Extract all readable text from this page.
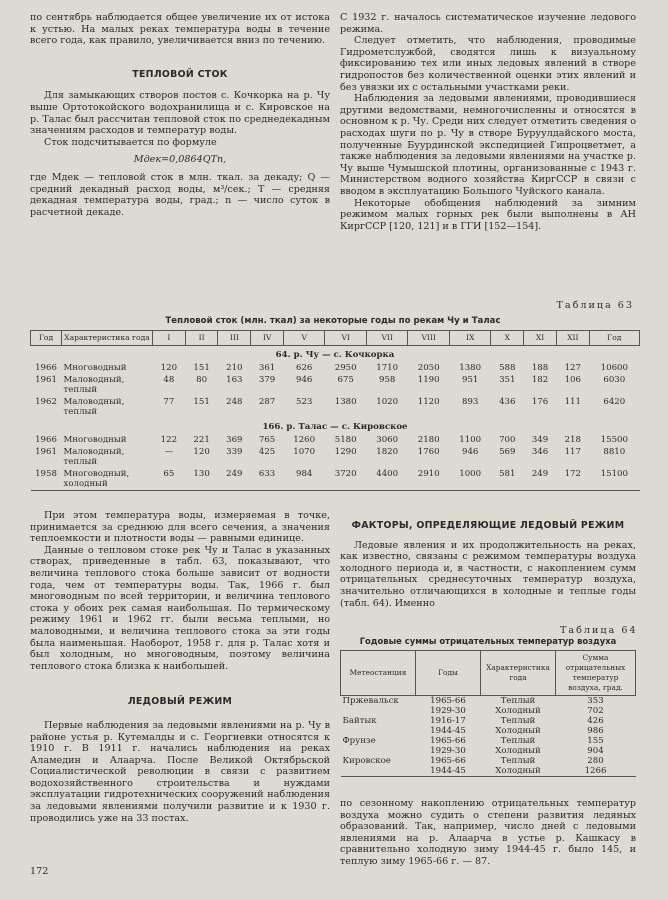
по сентябрь наблюдается общее увеличение их от истока к устью. На малых реках температура воды в течение всего года, как правило, увеличивается вниз по течению.

ТЕПЛОВОЙ СТОК

Для замыкающих створов постов с. Кочкорка на р. Чу выше Ортотокойского водохранилища и с. Кировское на р. Талас был рассчитан тепловой сток по среднедекадным значениям расходов и температур воды.

Сток подсчитывается по формуле

Mдек=0,0864QTn,

где Mдек — тепловой сток в млн. ткал. за декаду; Q — средний декадный расход воды, м³/сек.; T — средняя декадная температура воды, град.; n — число суток в расчетной декаде.

С 1932 г. началось систематическое изучение ледового режима.

Следует отметить, что наблюдения, проводимые Гидрометслужбой, сводятся лишь к визуальному фиксированию тех или иных ледовых явлений в створе гидропостов без количественной оценки этих явлений и без увязки их с остальными участками реки.

Наблюдения за ледовыми явлениями, проводившиеся другими ведомствами, немногочисленны и относятся в основном к р. Чу. Среди них следует отметить сведения о расходах шуги по р. Чу в створе Буруулдайского моста, полученные Буурдинской экспедицией Гипроцветмет, а также наблюдения за ледовыми явлениями на участке р. Чу выше Чумышской плотины, организованные с 1943 г. Министерством водного хозяйства КиргССР в связи с вводом в эксплуатацию Большого Чуйского канала.

Некоторые обобщения наблюдений за зимним режимом малых горных рек были выполнены в АН КиргССР [120, 121] и в ГГИ [152—154].

Таблица 63
Тепловой сток (млн. ткал) за некоторые годы по рекам Чу и Талас
Год	Характеристика года	I	II	III	IV	V	VI	VII	VIII	IX	X	XI	XII	Год
64. р. Чу — с. Кочкорка														
1966	Многоводный	120	151	210	361	626	2950	1710	2050	1380	588	188	127	10600
1961	Маловодный, теплый	48	80	163	379	946	675	958	1190	951	351	182	106	6030
1962	Маловодный, теплый	77	151	248	287	523	1380	1020	1120	893	436	176	111	6420
166. р. Талас — с. Кировское														
1966	Многоводный	122	221	369	765	1260	5180	3060	2180	1100	700	349	218	15500
1961	Маловодный, теплый	—	120	339	425	1070	1290	1820	1760	946	569	346	117	8810
1958	Многоводный, холодный	65	130	249	633	984	3720	4400	2910	1000	581	249	172	15100

При этом температура воды, измеряемая в точке, принимается за среднюю для всего сечения, а значения теплоемкости и плотности воды — равными единице.

Данные о тепловом стоке рек Чу и Талас в указанных створах, приведенные в табл. 63, показывают, что величина теплового стока больше зависит от водности года, чем от температуры воды. Так, 1966 г. был многоводным по всей территории, и величина теплового стока у обоих рек самая наибольшая. По термическому режиму 1961 и 1962 гг. были весьма теплыми, но маловодными, и величина теплового стока за эти годы была наименьшая. Наоборот, 1958 г. для р. Талас хотя и был холодным, но многоводным, поэтому величина теплового стока близка к наибольшей.

ЛЕДОВЫЙ РЕЖИМ

Первые наблюдения за ледовыми явлениями на р. Чу в районе устья р. Кутемалды и с. Георгиевки относятся к 1910 г. В 1911 г. начались наблюдения на реках Аламедин и Алаарча. После Великой Октябрьской Социалистической революции в связи с развитием водохозяйственного строительства и нуждами эксплуатации гидротехнических сооружений наблюдения за ледовыми явлениями получили развитие и к 1930 г. проводились уже на 33 постах.

ФАКТОРЫ, ОПРЕДЕЛЯЮЩИЕ ЛЕДОВЫЙ РЕЖИМ

Ледовые явления и их продолжительность на реках, как известно, связаны с режимом температуры воздуха холодного периода и, в частности, с накоплением сумм отрицательных среднесуточных температур воздуха, значительно отличающихся в холодные и теплые годы (табл. 64). Именно

Таблица 64
Годовые суммы отрицательных температур воздуха
Метеостанция	Годы	Характеристика года	Сумма отрицательных температур воздуха, град.
Пржевальск	1965-66	Теплый	353
	1929-30	Холодный	702
Байтык	1916-17	Теплый	426
	1944-45	Холодный	986
Фрунзе	1965-66	Теплый	155
	1929-30	Холодный	904
Кировское	1965-66	Теплый	280
	1944-45	Холодный	1266

по сезонному накоплению отрицательных температур воздуха можно судить о степени развития ледяных образований. Так, например, число дней с ледовыми явлениями на р. Алаарча в устье р. Кашкасу в сравнительно холодную зиму 1944-45 г. было 145, и теплую зиму 1965-66 г. — 87.

172
